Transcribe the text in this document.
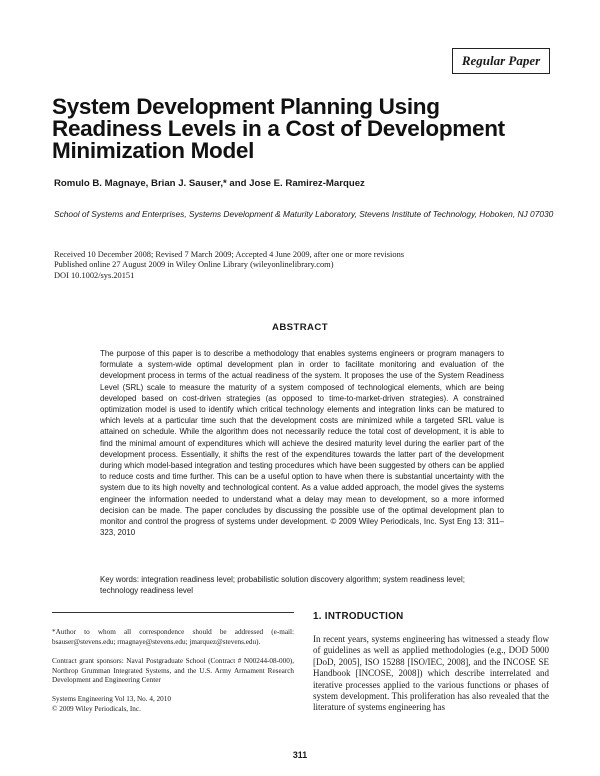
Regular Paper
System Development Planning Using
Readiness Levels in a Cost of Development
Minimization Model
Romulo B. Magnaye, Brian J. Sauser,* and Jose E. Ramirez-Marquez
School of Systems and Enterprises, Systems Development & Maturity Laboratory, Stevens Institute of Technology, Hoboken, NJ 07030
Received 10 December 2008; Revised 7 March 2009; Accepted 4 June 2009, after one or more revisions
Published online 27 August 2009 in Wiley Online Library (wileyonlinelibrary.com)
DOI 10.1002/sys.20151
ABSTRACT
The purpose of this paper is to describe a methodology that enables systems engineers or program managers to formulate a system-wide optimal development plan in order to facilitate monitoring and evaluation of the development process in terms of the actual readiness of the system. It proposes the use of the System Readiness Level (SRL) scale to measure the maturity of a system composed of technological elements, which are being developed based on cost-driven strategies (as opposed to time-to-market-driven strategies). A constrained optimization model is used to identify which critical technology elements and integration links can be matured to which levels at a particular time such that the development costs are minimized while a targeted SRL value is attained on schedule. While the algorithm does not necessarily reduce the total cost of development, it is able to find the minimal amount of expenditures which will achieve the desired maturity level during the earlier part of the development process. Essentially, it shifts the rest of the expenditures towards the latter part of the development during which model-based integration and testing procedures which have been suggested by others can be applied to reduce costs and time further. This can be a useful option to have when there is substantial uncertainty with the system due to its high novelty and technological content. As a value added approach, the model gives the systems engineer the information needed to understand what a delay may mean to development, so a more informed decision can be made. The paper concludes by discussing the possible use of the optimal development plan to monitor and control the progress of systems under development. © 2009 Wiley Periodicals, Inc. Syst Eng 13: 311–323, 2010
Key words: integration readiness level; probabilistic solution discovery algorithm; system readiness level; technology readiness level
*Author to whom all correspondence should be addressed (e-mail: bsauser@stevens.edu; rmagnaye@stevens.edu; jmarquez@stevens.edu).
Contract grant sponsors: Naval Postgraduate School (Contract # N00244-08-000), Northrop Grumman Integrated Systems, and the U.S. Army Armament Research Development and Engineering Center
Systems Engineering Vol 13, No. 4, 2010
© 2009 Wiley Periodicals, Inc.
1. INTRODUCTION
In recent years, systems engineering has witnessed a steady flow of guidelines as well as applied methodologies (e.g., DOD 5000 [DoD, 2005], ISO 15288 [ISO/IEC, 2008], and the INCOSE SE Handbook [INCOSE, 2008]) which describe interrelated and iterative processes applied to the various functions or phases of system development. This proliferation has also revealed that the literature of systems engineering has
311
